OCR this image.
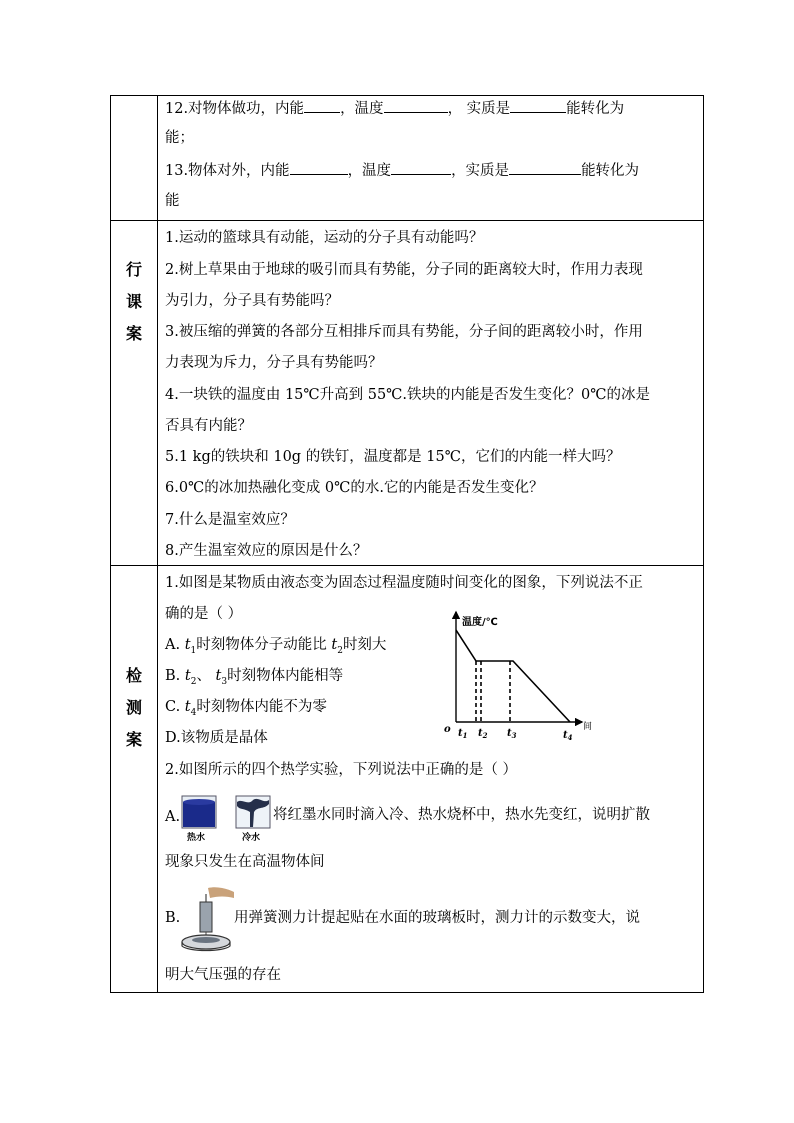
12.对物体做功，内能 ，温度	， 实质是	能转化为
能；
13.物体对外，内能	，温度	，实质是	能转化为
能
行
课
案
1.运动的篮球具有动能，运动的分子具有动能吗？
2.树上草果由于地球的吸引而具有势能，分子同的距离较大时，作用力表现
为引力，分子具有势能吗？
3.被压缩的弹簧的各部分互相排斥而具有势能，分子间的距离较小时，作用
力表现为斥力，分子具有势能吗？
4.一块铁的温度由 15℃升高到 55℃.铁块的内能是否发生变化？0℃的冰是
否具有内能？
5.1 kg的铁块和 10g 的铁钉，温度都是 15℃，它们的内能一样大吗？
6.0℃的冰加热融化变成 0℃的水.它的内能是否发生变化？
7.什么是温室效应？
8.产生温室效应的原因是什么？
检
测
案
1.如图是某物质由液态变为固态过程温度随时间变化的图象，下列说法不正
确的是（ ）
A. $t_1$时刻物体分子动能比 $t_2$时刻大
B. $t_2$、 $t_3$时刻物体内能相等
C. $t_4$时刻物体内能不为零
D.该物质是晶体
温度/℃
间
o $t_1$ $t_2$ $t_3$	$t_4$
2.如图所示的四个热学实验，下列说法中正确的是（ ）
A.
热水	冷水
将红墨水同时滴入冷、热水烧杯中，热水先变红，说明扩散
现象只发生在高温物体间
B.	用弹簧测力计提起贴在水面的玻璃板时，测力计的示数变大，说
明大气压强的存在
